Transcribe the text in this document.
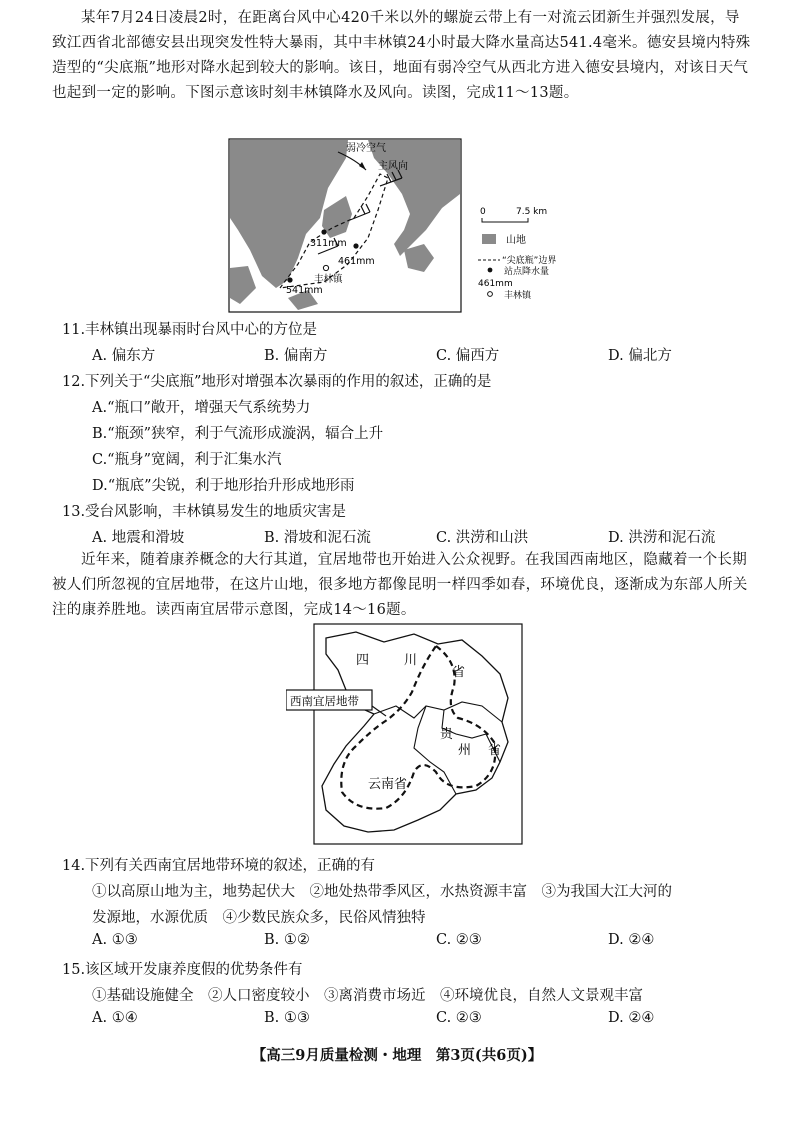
某年7月24日凌晨2时，在距离台风中心420千米以外的螺旋云带上有一对流云团新生并强烈发展，导致江西省北部德安县出现突发性特大暴雨，其中丰林镇24小时最大降水量高达541.4毫米。德安县境内特殊造型的“尖底瓶”地形对降水起到较大的影响。该日，地面有弱冷空气从西北方进入德安县境内，对该日天气也起到一定的影响。下图示意该时刻丰林镇降水及风向。读图，完成11～13题。
弱冷空气
主风向
311mm
461mm
丰林镇
541mm
0	7.5 km
山地
“尖底瓶”边界
站点降水量
461mm
丰林镇
11.丰林镇出现暴雨时台风中心的方位是
A. 偏东方	B. 偏南方	C. 偏西方	D. 偏北方
12.下列关于“尖底瓶”地形对增强本次暴雨的作用的叙述，正确的是
A.“瓶口”敞开，增强天气系统势力
B.“瓶颈”狭窄，利于气流形成漩涡，辐合上升
C.“瓶身”宽阔，利于汇集水汽
D.“瓶底”尖锐，利于地形抬升形成地形雨
13.受台风影响，丰林镇易发生的地质灾害是
A. 地震和滑坡	B. 滑坡和泥石流	C. 洪涝和山洪	D. 洪涝和泥石流
近年来，随着康养概念的大行其道，宜居地带也开始进入公众视野。在我国西南地区，隐藏着一个长期被人们所忽视的宜居地带，在这片山地，很多地方都像昆明一样四季如春，环境优良，逐渐成为东部人所关注的康养胜地。读西南宜居带示意图，完成14～16题。
四	川
省
贵
州 省
云南省
西南宜居地带
14.下列有关西南宜居地带环境的叙述，正确的有
①以高原山地为主，地势起伏大　②地处热带季风区，水热资源丰富　③为我国大江大河的
发源地，水源优质　④少数民族众多，民俗风情独特
A. ①③	B. ①②	C. ②③	D. ②④
15.该区域开发康养度假的优势条件有
①基础设施健全　②人口密度较小　③离消费市场近　④环境优良，自然人文景观丰富
A. ①④	B. ①③	C. ②③	D. ②④
【高三9月质量检测・地理　第3页(共6页)】
